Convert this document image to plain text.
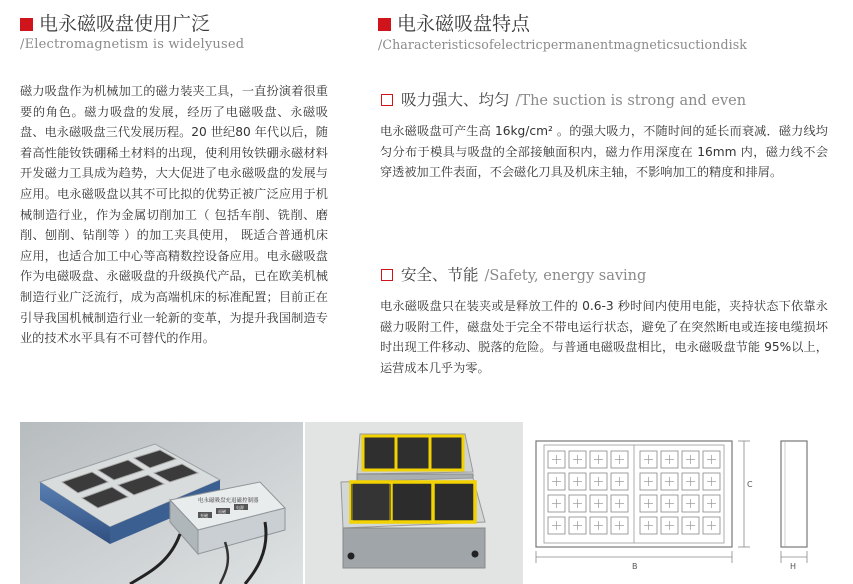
电永磁吸盘使用广泛
/Electromagnetism is widelyused
磁力吸盘作为机械加工的磁力装夹工具，一直扮演着很重要的角色。磁力吸盘的发展，经历了电磁吸盘、永磁吸盘、电永磁吸盘三代发展历程。20 世纪80 年代以后，随着高性能钕铁硼稀土材料的出现，使利用钕铁硼永磁材料开发磁力工具成为趋势，大大促进了电永磁吸盘的发展与应用。电永磁吸盘以其不可比拟的优势正被广泛应用于机械制造行业，作为金属切削加工（ 包括车削、铣削、磨削、刨削、钻削等 ）的加工夹具使用， 既适合普通机床应用，也适合加工中心等高精数控设备应用。电永磁吸盘作为电磁吸盘、永磁吸盘的升级换代产品，已在欧美机械制造行业广泛流行，成为高端机床的标准配置；目前正在引导我国机械制造行业一轮新的变革，为提升我国制造专业的技术水平具有不可替代的作用。
电永磁吸盘特点
/Characteristicsofelectricpermanentmagneticsuctiondisk
吸力强大、均匀 /The suction is strong and even
电永磁吸盘可产生高 16kg/cm² 。的强大吸力，不随时间的延长而衰减．磁力线均匀分布于模具与吸盘的全部接触面积内，磁力作用深度在 16mm 内，磁力线不会穿透被加工件表面，不会磁化刀具及机床主轴，不影响加工的精度和排屑。
安全、节能 /Safety, energy saving
电永磁吸盘只在装夹或是释放工件的 0.6-3 秒时间内使用电能，夹持状态下依靠永磁力吸附工件，磁盘处于完全不带电运行状态，避免了在突然断电或连接电缆损坏时出现工件移动、脱落的危险。与普通电磁吸盘相比，电永磁吸盘节能 95%以上，运营成本几乎为零。
电永磁吸盘充退磁控制器
充磁
退磁
电源
B
C
H
